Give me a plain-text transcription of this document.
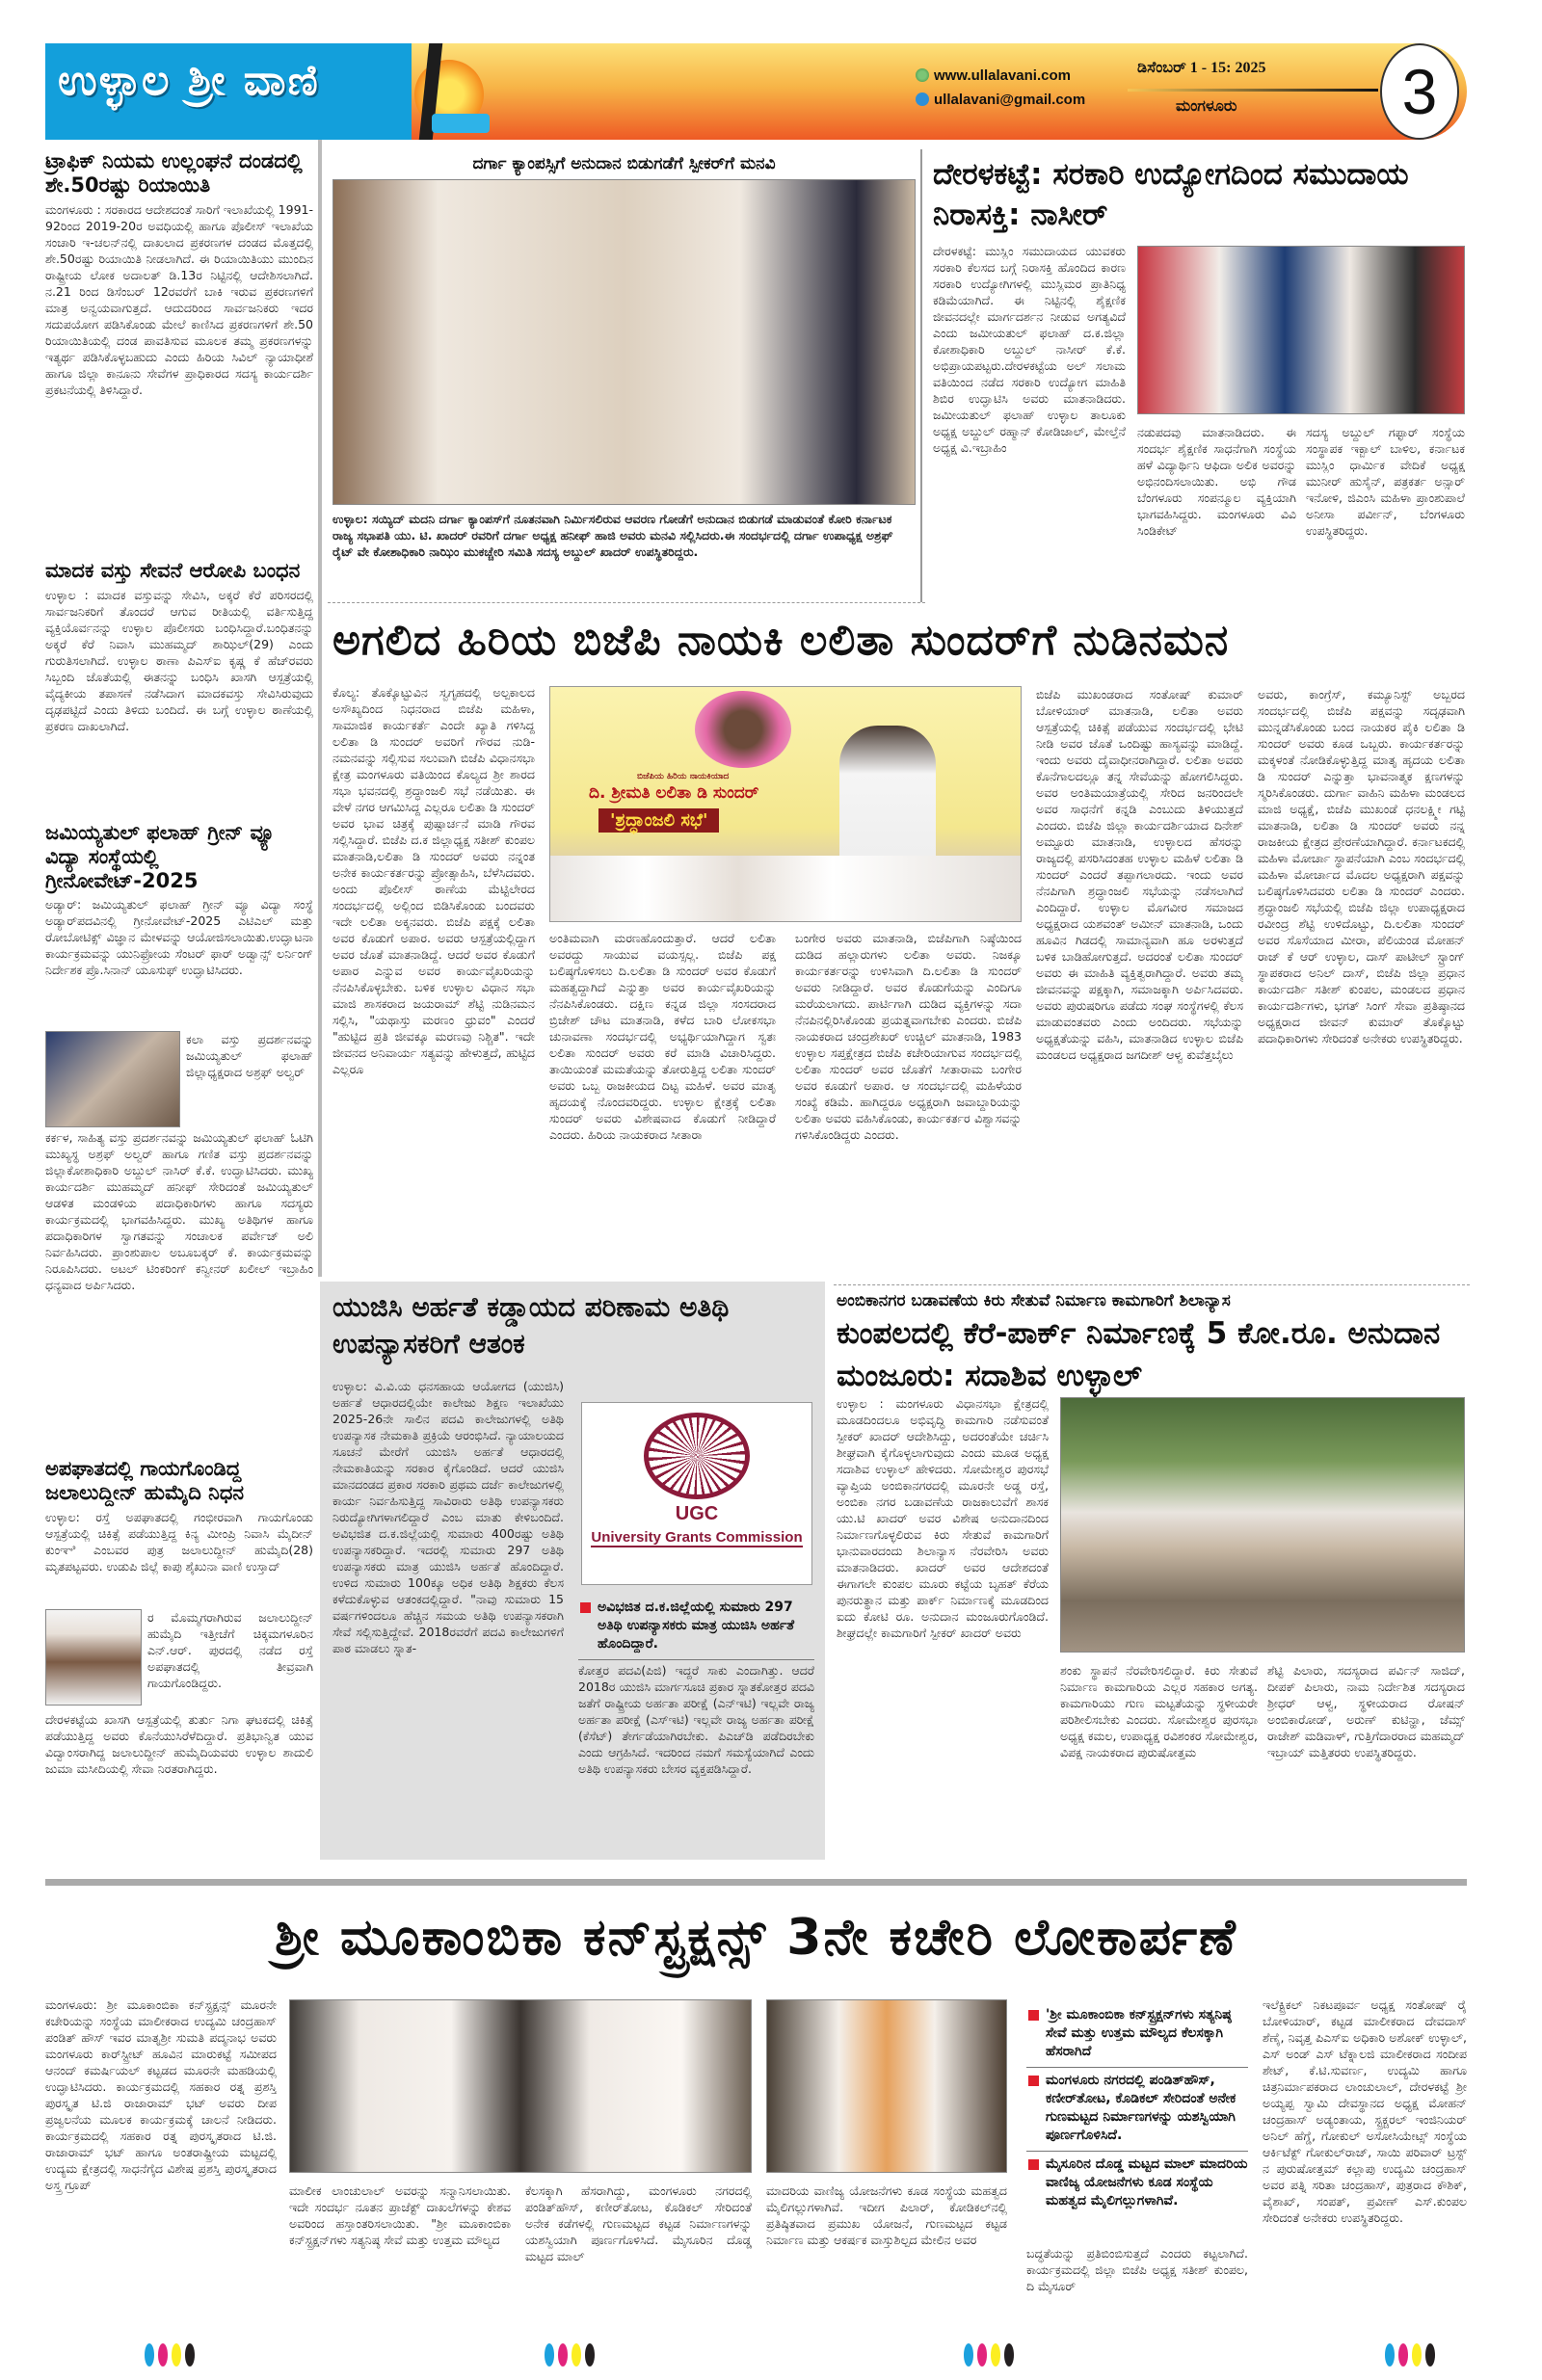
ಉಳ್ಳಾಲ ಶ್ರೀ ವಾಣಿ	www.ullalavani.com
ullalavani@gmail.com
ಡಿಸೆಂಬರ್ 1 - 15: 2025
ಮಂಗಳೂರು	3
ಟ್ರಾಫಿಕ್ ನಿಯಮ ಉಲ್ಲಂಘನೆ ದಂಡದಲ್ಲಿ ಶೇ.50ರಷ್ಟು ರಿಯಾಯಿತಿ
ಮಂಗಳೂರು : ಸರಕಾರದ ಆದೇಶದಂತೆ ಸಾರಿಗೆ ಇಲಾಖೆಯಲ್ಲಿ 1991-92ರಿಂದ 2019-20ರ ಅವಧಿಯಲ್ಲಿ ಹಾಗೂ ಪೊಲೀಸ್ ಇಲಾಖೆಯ ಸಂಚಾರಿ ಇ-ಚಲನ್‌ನಲ್ಲಿ ದಾಖಲಾದ ಪ್ರಕರಣಗಳ ದಂಡದ ಮೊತ್ತದಲ್ಲಿ ಶೇ.50ರಷ್ಟು ರಿಯಾಯಿತಿ ನೀಡಲಾಗಿದೆ. ಈ ರಿಯಾಯಿತಿಯು ಮುಂದಿನ ರಾಷ್ಟ್ರೀಯ ಲೋಕ ಅದಾಲತ್ ಡಿ.13ರ ನಿಟ್ಟಿನಲ್ಲಿ ಆದೇಶಿಸಲಾಗಿದೆ. ನ.21 ರಿಂದ ಡಿಸೆಂಬರ್ 12ರವರೆಗೆ ಬಾಕಿ ಇರುವ ಪ್ರಕರಣಗಳಿಗೆ ಮಾತ್ರ ಅನ್ವಯವಾಗುತ್ತದೆ. ಆದುದರಿಂದ ಸಾರ್ವಜನಿಕರು ಇದರ ಸದುಪಯೋಗ ಪಡಿಸಿಕೊಂಡು ಮೇಲೆ ಕಾಣಿಸಿದ ಪ್ರಕರಣಗಳಿಗೆ ಶೇ.50 ರಿಯಾಯಿತಿಯಲ್ಲಿ ದಂಡ ಪಾವತಿಸುವ ಮೂಲಕ ತಮ್ಮ ಪ್ರಕರಣಗಳನ್ನು ಇತ್ಯರ್ಥ ಪಡಿಸಿಕೊಳ್ಳಬಹುದು ಎಂದು ಹಿರಿಯ ಸಿವಿಲ್ ನ್ಯಾಯಾಧೀಶೆ ಹಾಗೂ ಜಿಲ್ಲಾ ಕಾನೂನು ಸೇವೆಗಳ ಪ್ರಾಧಿಕಾರದ ಸದಸ್ಯ ಕಾರ್ಯದರ್ಶಿ ಪ್ರಕಟನೆಯಲ್ಲಿ ತಿಳಿಸಿದ್ದಾರೆ.
ಮಾದಕ ವಸ್ತು ಸೇವನೆ ಆರೋಪಿ ಬಂಧನ
ಉಳ್ಳಾಲ : ಮಾದಕ ವಸ್ತುವನ್ನು ಸೇವಿಸಿ, ಅಕ್ಕರೆ ಕೆರೆ ಪರಿಸರದಲ್ಲಿ ಸಾರ್ವಜನಿಕರಿಗೆ ತೊಂದರೆ ಆಗುವ ರೀತಿಯಲ್ಲಿ ವರ್ತಿಸುತ್ತಿದ್ದ ವ್ಯಕ್ತಿಯೊರ್ವನನ್ನು ಉಳ್ಳಾಲ ಪೊಲೀಸರು ಬಂಧಿಸಿದ್ದಾರೆ.ಬಂಧಿತನನ್ನು ಅಕ್ಕರೆ ಕೆರೆ ನಿವಾಸಿ ಮುಹಮ್ಮದ್ ಶಾಝಿಲ್(29) ಎಂದು ಗುರುತಿಸಲಾಗಿದೆ. ಉಳ್ಳಾಲ ಠಾಣಾ ಪಿಎಸ್ಐ ಕೃಷ್ಣ ಕೆ ಹೆಚ್‌ರವರು ಸಿಬ್ಬಂದಿ ಜೊತೆಯಲ್ಲಿ ಈತನನ್ನು ಬಂಧಿಸಿ ಖಾಸಗಿ ಆಸ್ಪತ್ರೆಯಲ್ಲಿ ವೈದ್ಯಕೀಯ ತಪಾಸಣೆ ನಡೆಸಿದಾಗ ಮಾದಕವಸ್ತು ಸೇವಿಸಿರುವುದು ದೃಢಪಟ್ಟಿದೆ ಎಂದು ತಿಳಿದು ಬಂದಿದೆ. ಈ ಬಗ್ಗೆ ಉಳ್ಳಾಲ ಠಾಣೆಯಲ್ಲಿ ಪ್ರಕರಣ ದಾಖಲಾಗಿದೆ.
ಜಮಿಯ್ಯತುಲ್ ಫಲಾಹ್ ಗ್ರೀನ್ ವ್ಯೂ ವಿದ್ಯಾ ಸಂಸ್ಥೆಯಲ್ಲಿ ಗ್ರೀನೋವೇಟ್-2025
ಅಡ್ಯಾರ್: ಜಮಿಯ್ಯತುಲ್ ಫಲಾಹ್ ಗ್ರೀನ್ ವ್ಯೂ ವಿದ್ಯಾ ಸಂಸ್ಥೆ ಅಡ್ಯಾರ್‌ಪದವಿನಲ್ಲಿ ಗ್ರೀನೋವೇಟ್-2025 ಎಟಿಎಲ್ ಮತ್ತು ರೋಬೋಟಿಕ್ಸ್ ವಿಜ್ಞಾನ ಮೇಳವನ್ನು ಆಯೋಜಿಸಲಾಯಿತು.ಉದ್ಘಾಟನಾ ಕಾರ್ಯಕ್ರಮವನ್ನು ಯುನಿಫ್ರೋಯ ಸೆಂಟರ್ ಫಾರ್ ಅಡ್ವಾನ್ಸ್ ಲರ್ನಿಂಗ್ ನಿರ್ದೇಶಕ ಪ್ರೊ.ಸಿನಾನ್ ಯೂಸುಫ್ ಉದ್ಘಾಟಿಸಿದರು.
ಕಲಾ ವಸ್ತು ಪ್ರದರ್ಶನವನ್ನು ಜಮಿಯ್ಯತುಲ್ ಫಲಾಹ್ ಜಿಲ್ಲಾಧ್ಯಕ್ಷರಾದ ಅಶ್ರಫ್ ಅಲ್ವರ್
ಕರ್ಕಳ, ಸಾಹಿತ್ಯ ವಸ್ತು ಪ್ರದರ್ಶನವನ್ನು ಜಮಿಯ್ಯತುಲ್ ಫಲಾಹ್ ಓಟಿಗಿ ಮುಖ್ಯಸ್ಥ ಅಶ್ರಫ್ ಅಲ್ವರ್ ಹಾಗೂ ಗಣಿತ ವಸ್ತು ಪ್ರದರ್ಶನವನ್ನು ಜಿಲ್ಲಾಕೋಶಾಧಿಕಾರಿ ಅಬ್ದುಲ್ ನಾಸಿರ್ ಕೆ.ಕೆ. ಉದ್ಘಾಟಿಸಿದರು. ಮುಖ್ಯ ಕಾರ್ಯದರ್ಶಿ ಮುಹಮ್ಮದ್ ಹನೀಫ್ ಸೇರಿದಂತೆ ಜಮಿಯ್ಯತುಲ್ ಆಡಳಿತ ಮಂಡಳಿಯ ಪದಾಧಿಕಾರಿಗಳು ಹಾಗೂ ಸದಸ್ಯರು ಕಾರ್ಯಕ್ರಮದಲ್ಲಿ ಭಾಗವಹಿಸಿದ್ದರು. ಮುಖ್ಯ ಅತಿಥಿಗಳ ಹಾಗೂ ಪದಾಧಿಕಾರಿಗಳ ಸ್ವಾಗತವನ್ನು ಸಂಚಾಲಕ ಪರ್ವೇಜ್ ಅಲಿ ನಿರ್ವಹಿಸಿದರು. ಪ್ರಾಂಶುಪಾಲ ಅಬೂಬಕ್ಕರ್ ಕೆ. ಕಾರ್ಯಕ್ರಮವನ್ನು ನಿರೂಪಿಸಿದರು. ಅಟಲ್ ಟಿಂಕರಿಂಗ್ ಕನ್ವೀನರ್ ಖಲೀಲ್ ಇಬ್ರಾಹಿಂ ಧನ್ಯವಾದ ಅರ್ಪಿಸಿದರು.
ಅಪಘಾತದಲ್ಲಿ ಗಾಯಗೊಂಡಿದ್ದ ಜಲಾಲುದ್ದೀನ್ ಹುಮೈದಿ ನಿಧನ
ಉಳ್ಳಾಲ: ರಸ್ತೆ ಅಪಘಾತದಲ್ಲಿ ಗಂಭೀರವಾಗಿ ಗಾಯಗೊಂಡು ಆಸ್ಪತ್ರೆಯಲ್ಲಿ ಚಿಕಿತ್ಸೆ ಪಡೆಯುತ್ತಿದ್ದ ಕಿನ್ಯ ಮೀಂಪ್ರಿ ನಿವಾಸಿ ಮೈದೀನ್ ಕುಂಞಿ ಎಂಬವರ ಪುತ್ರ ಜಲಾಲುದ್ದೀನ್ ಹುಮೈದಿ(28) ಮೃತಪಟ್ಟವರು. ಉಡುಪಿ ಜಿಲ್ಲೆ ಕಾಪು ಶೈಖುನಾ ವಾಣಿ ಉಸ್ತಾದ್
ರ ಮೊಮ್ಮಗರಾಗಿರುವ ಜಲಾಲುದ್ದೀನ್ ಹುಮೈದಿ ಇತ್ತೀಚೆಗೆ ಚಿಕ್ಕಮಗಳೂರಿನ ಎನ್.ಆರ್. ಪುರದಲ್ಲಿ ನಡೆದ ರಸ್ತೆ ಅಪಘಾತದಲ್ಲಿ ತೀವ್ರವಾಗಿ ಗಾಯಗೊಂಡಿದ್ದರು.
ದೇರಳಕಟ್ಟೆಯ ಖಾಸಗಿ ಆಸ್ಪತ್ರೆಯಲ್ಲಿ ತುರ್ತು ನಿಗಾ ಘಟಕದಲ್ಲಿ ಚಿಕಿತ್ಸೆ ಪಡೆಯುತ್ತಿದ್ದ ಅವರು ಕೊನೆಯುಸಿರೆಳೆದಿದ್ದಾರೆ. ಪ್ರತಿಭಾನ್ವಿತ ಯುವ ವಿದ್ವಾಂಸರಾಗಿದ್ದ ಜಲಾಲುದ್ದೀನ್ ಹುಮೈದಿಯವರು ಉಳ್ಳಾಲ ಶಾದುಲಿ ಜುಮಾ ಮಸೀದಿಯಲ್ಲಿ ಸೇವಾ ನಿರತರಾಗಿದ್ದರು.
ದರ್ಗಾ ಕ್ಯಾಂಪಸ್ಸಿಗೆ ಅನುದಾನ ಬಿಡುಗಡೆಗೆ ಸ್ಪೀಕರ್‌ಗೆ ಮನವಿ
ಉಳ್ಳಾಲ: ಸಯ್ಯಿದ್ ಮದನಿ ದರ್ಗಾ ಕ್ಯಾಂಪಸ್‌ಗೆ ನೂತನವಾಗಿ ನಿರ್ಮಿಸಲಿರುವ ಆವರಣ ಗೋಡೆಗೆ ಅನುದಾನ ಬಿಡುಗಡೆ ಮಾಡುವಂತೆ ಕೋರಿ ಕರ್ನಾಟಕ ರಾಜ್ಯ ಸಭಾಪತಿ ಯು. ಟಿ. ಖಾದರ್ ರವರಿಗೆ ದರ್ಗಾ ಅಧ್ಯಕ್ಷ ಹನೀಫ್ ಹಾಜಿ ಅವರು ಮನವಿ ಸಲ್ಲಿಸಿದರು.ಈ ಸಂದರ್ಭದಲ್ಲಿ ದರ್ಗಾ ಉಪಾಧ್ಯಕ್ಷ ಅಶ್ರಫ್ ರೈಟ್ ವೇ ಕೋಶಾಧಿಕಾರಿ ನಾಝಿಂ ಮುಕಚ್ಚೇರಿ ಸಮಿತಿ ಸದಸ್ಯ ಅಬ್ದುಲ್ ಖಾದರ್ ಉಪಸ್ಥಿತರಿದ್ದರು.
ದೇರಳಕಟ್ಟೆ: ಸರಕಾರಿ ಉದ್ಯೋಗದಿಂದ ಸಮುದಾಯ ನಿರಾಸಕ್ತಿ: ನಾಸೀರ್
ದೇರಳಕಟ್ಟೆ: ಮುಸ್ಲಿಂ ಸಮುದಾಯದ ಯುವಕರು ಸರಕಾರಿ ಕೆಲಸದ ಬಗ್ಗೆ ನಿರಾಸಕ್ತಿ ಹೊಂದಿದ ಕಾರಣ ಸರಕಾರಿ ಉದ್ಯೋಗಿಗಳಲ್ಲಿ ಮುಸ್ಲಿಮರ ಪ್ರಾತಿನಿಧ್ಯ ಕಡಿಮೆಯಾಗಿದೆ. ಈ ನಿಟ್ಟಿನಲ್ಲಿ ಶೈಕ್ಷಣಿಕ ಜೀವನದಲ್ಲೇ ಮಾರ್ಗದರ್ಶನ ನೀಡುವ ಅಗತ್ಯವಿದೆ ಎಂದು ಜಮೀಯತುಲ್ ಫಲಾಹ್ ದ.ಕ.ಜಿಲ್ಲಾ ಕೋಶಾಧಿಕಾರಿ ಅಬ್ದುಲ್ ನಾಸೀರ್ ಕೆ.ಕೆ. ಅಭಿಪ್ರಾಯಪಟ್ಟರು.ದೇರಳಕಟ್ಟೆಯ ಅಲ್ ಸಲಾಮ ವತಿಯಿಂದ ನಡೆದ ಸರಕಾರಿ ಉದ್ಯೋಗ ಮಾಹಿತಿ ಶಿಬಿರ ಉದ್ಘಾಟಿಸಿ ಅವರು ಮಾತನಾಡಿದರು. ಜಮೀಯತುಲ್ ಫಲಾಹ್ ಉಳ್ಳಾಲ ತಾಲೂಕು ಅಧ್ಯಕ್ಷ ಅಬ್ದುಲ್ ರಹ್ಮಾನ್ ಕೋಡಿಜಾಲ್, ಮೇಲ್ತೆನೆ ಅಧ್ಯಕ್ಷ ವಿ.ಇಬ್ರಾಹಿಂ
ನಡುಪದವು ಮಾತನಾಡಿದರು. ಈ ಸಂದರ್ಭ ಶೈಕ್ಷಣಿಕ ಸಾಧನೆಗಾಗಿ ಸಂಸ್ಥೆಯ ಹಳೆ ವಿದ್ಯಾರ್ಥಿನಿ ಆಫಿದಾ ಅಲಿಕ ಅವರನ್ನು ಅಭಿನಂದಿಸಲಾಯಿತು. ಅಭಿ ಗೌಡ ಬೆಂಗಳೂರು ಸಂಪನ್ಮೂಲ ವ್ಯಕ್ತಿಯಾಗಿ ಭಾಗವಹಿಸಿದ್ದರು. ಮಂಗಳೂರು ವಿವಿ ಸಿಂಡಿಕೇಟ್
ಸದಸ್ಯ ಅಬ್ದುಲ್ ಗಫ್ಫಾರ್ ಸಂಸ್ಥೆಯ ಸಂಸ್ಥಾಪಕ ಇಕ್ಬಾಲ್ ಬಾಳಿಲ, ಕರ್ನಾಟಕ ಮುಸ್ಲಿಂ ಧಾರ್ಮಿಕ ವೇದಿಕೆ ಅಧ್ಯಕ್ಷ ಮುನೀರ್ ಹುಸೈನ್, ಪತ್ರಕರ್ತ ಅನ್ಸಾರ್ ಇನೋಳಿ, ಜಿಎಂಸಿ ಮಹಿಳಾ ಪ್ರಾಂಶುಪಾಲೆ ಅನೀಸಾ ಪರ್ವೀನ್, ಬೆಂಗಳೂರು ಉಪಸ್ಥಿತರಿದ್ದರು.
ಅಗಲಿದ ಹಿರಿಯ ಬಿಜೆಪಿ ನಾಯಕಿ ಲಲಿತಾ ಸುಂದರ್‌ಗೆ ನುಡಿನಮನ
ಕೊಲ್ಯ: ತೊಕ್ಕೊಟ್ಟುವಿನ ಸ್ವಗೃಹದಲ್ಲಿ ಅಲ್ಪಕಾಲದ ಅಸೌಖ್ಯದಿಂದ ನಿಧನರಾದ ಬಿಜೆಪಿ ಮಹಿಳಾ, ಸಾಮಾಜಿಕ ಕಾರ್ಯಕರ್ತೆ ಎಂದೇ ಖ್ಯಾತಿ ಗಳಿಸಿದ್ದ ಲಲಿತಾ ಡಿ ಸುಂದರ್ ಅವರಿಗೆ ಗೌರವ ನುಡಿ-ನಮನವನ್ನು ಸಲ್ಲಿಸುವ ಸಲುವಾಗಿ ಬಿಜೆಪಿ ವಿಧಾನಸಭಾ ಕ್ಷೇತ್ರ ಮಂಗಳೂರು ವತಿಯಿಂದ ಕೊಲ್ಯದ ಶ್ರೀ ಶಾರದ ಸಭಾ ಭವನದಲ್ಲಿ ಶ್ರದ್ಧಾಂಜಲಿ ಸಭೆ ನಡೆಯಿತು. ಈ ವೇಳೆ ನಗರ ಆಗಮಿಸಿದ್ದ ಎಲ್ಲರೂ ಲಲಿತಾ ಡಿ ಸುಂದರ್ ಅವರ ಭಾವ ಚಿತ್ರಕ್ಕೆ ಪುಷ್ಪಾರ್ಚನೆ ಮಾಡಿ ಗೌರವ ಸಲ್ಲಿಸಿದ್ದಾರೆ. ಬಿಜೆಪಿ ದ.ಕ ಜಿಲ್ಲಾಧ್ಯಕ್ಷ ಸತೀಶ್ ಕುಂಪಲ ಮಾತನಾಡಿ,ಲಲಿತಾ ಡಿ ಸುಂದರ್ ಅವರು ನನ್ನಂತ ಅನೇಕ ಕಾರ್ಯಕರ್ತರನ್ನು ಪ್ರೋತ್ಸಾಹಿಸಿ, ಬೆಳೆಸಿದವರು. ಅಂದು ಪೊಲೀಸ್ ಠಾಣೆಯ ಮೆಟ್ಟಿಲೇರದ ಸಂದರ್ಭದಲ್ಲಿ ಅಲ್ಲಿಂದ ಬಿಡಿಸಿಕೊಂಡು ಬಂದವರು ಇದೇ ಲಲಿತಾ ಅಕ್ಕನವರು. ಬಿಜೆಪಿ ಪಕ್ಷಕ್ಕೆ ಲಲಿತಾ ಅವರ ಕೊಡುಗೆ ಅಪಾರ. ಅವರು ಆಸ್ಪತ್ರೆಯಲ್ಲಿದ್ದಾಗ ಅವರ ಜೊತೆ ಮಾತನಾಡಿದ್ದೆ. ಆದರೆ ಅವರ ಕೊಡುಗೆ ಅಪಾರ ಎನ್ನುವ ಅವರ ಕಾರ್ಯವೈಖರಿಯನ್ನು ನೆನಪಿಸಿಕೊಳ್ಳಬೇಕು. ಬಳಿಕ ಉಳ್ಳಾಲ ವಿಧಾನ ಸಭಾ ಮಾಜಿ ಶಾಸಕರಾದ ಜಯರಾಮ್ ಶೆಟ್ಟಿ ನುಡಿನಮನ ಸಲ್ಲಿಸಿ, "ಯಥಾಸ್ತು ಮರಣಂ ಧ್ರುವಂ" ಎಂದರೆ "ಹುಟ್ಟಿದ ಪ್ರತಿ ಜೀವಕ್ಕೂ ಮರಣವು ನಿಶ್ಚಿತ". ಇದೇ ಜೀವನದ ಅನಿವಾರ್ಯ ಸತ್ಯವನ್ನು ಹೇಳುತ್ತದೆ, ಹುಟ್ಟಿದ ಎಲ್ಲರೂ
ಬಿಜೆಪಿಯ ಹಿರಿಯ ನಾಯಕಿಯಾದ
ದಿ. ಶ್ರೀಮತಿ ಲಲಿತಾ ಡಿ ಸುಂದರ್
'ಶ್ರದ್ಧಾಂಜಲಿ ಸಭೆ'
ಅಂತಿಮವಾಗಿ ಮರಣಹೊಂದುತ್ತಾರೆ. ಆದರೆ ಲಲಿತಾ ಅವರದ್ದು ಸಾಯುವ ವಯಸ್ಸಲ್ಲ. ಬಿಜೆಪಿ ಪಕ್ಷ ಬಲಿಷ್ಠಗೊಳಿಸಲು ದಿ.ಲಲಿತಾ ಡಿ ಸುಂದರ್ ಅವರ ಕೊಡುಗೆ ಮಹತ್ವದ್ದಾಗಿದೆ ಎನ್ನುತ್ತಾ ಅವರ ಕಾರ್ಯವೈಖರಿಯನ್ನು ನೆನಪಿಸಿಕೊಂಡರು. ದಕ್ಷಿಣ ಕನ್ನಡ ಜಿಲ್ಲಾ ಸಂಸದರಾದ ಬ್ರಿಜೇಶ್ ಚೌಟ ಮಾತನಾಡಿ, ಕಳೆದ ಬಾರಿ ಲೋಕಸಭಾ ಚುನಾವಣಾ ಸಂದರ್ಭದಲ್ಲಿ ಅಭ್ಯರ್ಥಿಯಾಗಿದ್ದಾಗ ಸ್ವತಃ ಲಲಿತಾ ಸುಂದರ್ ಅವರು ಕರೆ ಮಾಡಿ ವಿಚಾರಿಸಿದ್ದರು. ತಾಯಿಯಂತೆ ಮಮತೆಯನ್ನು ತೋರುತ್ತಿದ್ದ ಲಲಿತಾ ಸುಂದರ್ ಅವರು ಒಬ್ಬ ರಾಜಕೀಯದ ದಿಟ್ಟ ಮಹಿಳೆ. ಅವರ ಮಾತೃ ಹೃದಯಕ್ಕೆ ನೊಂದವರಿದ್ದರು. ಉಳ್ಳಾಲ ಕ್ಷೇತ್ರಕ್ಕೆ ಲಲಿತಾ ಸುಂದರ್ ಅವರು ವಿಶೇಷವಾದ ಕೊಡುಗೆ ನೀಡಿದ್ದಾರೆ ಎಂದರು. ಹಿರಿಯ ನಾಯಕರಾದ ಸೀತಾರಾ
ಬಂಗೇರ ಅವರು ಮಾತನಾಡಿ, ಬಿಜೆಪಿಗಾಗಿ ನಿಷ್ಠೆಯಿಂದ ದುಡಿದ ಹಲ್ಲಾರುಗಳು ಲಲಿತಾ ಅವರು. ನಿಜಕ್ಕೂ ಕಾರ್ಯಕರ್ತರನ್ನು ಉಳಿಸಿವಾಗಿ ದಿ.ಲಲಿತಾ ಡಿ ಸುಂದರ್ ಅವರು ನೀಡಿದ್ದಾರೆ. ಅವರ ಕೊಡುಗೆಯನ್ನು ಎಂದಿಗೂ ಮರೆಯಲಾಗದು. ಪಾರ್ಟಿಗಾಗಿ ದುಡಿದ ವ್ಯಕ್ತಿಗಳನ್ನು ಸದಾ ನೆನಪಿನಲ್ಲಿರಿಸಿಕೊಂಡು ಪ್ರಯತ್ನವಾಗಬೇಕು ಎಂದರು. ಬಿಜೆಪಿ ನಾಯಕರಾದ ಚಂದ್ರಶೇಖರ್ ಉಚ್ಚಿಲ್ ಮಾತನಾಡಿ, 1983 ಉಳ್ಳಾಲ ಸಪ್ತಕ್ಷೇತ್ರದ ಬಿಜೆಪಿ ಕಚೇರಿಯಾಗುವ ಸಂದರ್ಭದಲ್ಲಿ ಲಲಿತಾ ಸುಂದರ್ ಅವರ ಜೊತೆಗೆ ಸೀತಾರಾಮ ಬಂಗೇರ ಅವರ ಕೂಡುಗೆ ಅಪಾರ. ಆ ಸಂದರ್ಭದಲ್ಲಿ ಮಹಿಳೆಯರ ಸಂಖ್ಯೆ ಕಡಿಮೆ. ಹಾಗಿದ್ದರೂ ಅಧ್ಯಕ್ಷರಾಗಿ ಜವಾಬ್ದಾರಿಯನ್ನು ಲಲಿತಾ ಅವರು ವಹಿಸಿಕೊಂಡು, ಕಾರ್ಯಕರ್ತರ ವಿಶ್ವಾಸವನ್ನು ಗಳಿಸಿಕೊಂಡಿದ್ದರು ಎಂದರು.
ಬಿಜೆಪಿ ಮುಖಂಡರಾದ ಸಂತೋಷ್ ಕುಮಾರ್ ಬೋಳಿಯಾರ್ ಮಾತನಾಡಿ, ಲಲಿತಾ ಅವರು ಆಸ್ಪತ್ರೆಯಲ್ಲಿ ಚಿಕಿತ್ಸೆ ಪಡೆಯುವ ಸಂದರ್ಭದಲ್ಲಿ ಭೇಟಿ ನೀಡಿ ಅವರ ಜೊತೆ ಒಂದಿಷ್ಟು ಹಾಸ್ಯವನ್ನು ಮಾಡಿದ್ದೆ. ಇಂದು ಅವರು ದೈವಾಧೀನರಾಗಿದ್ದಾರೆ. ಲಲಿತಾ ಅವರು ಕೊನೆಗಾಲದಲ್ಲೂ ತನ್ನ ಸೇವೆಯನ್ನು ಹೋಗಲಿಸಿದ್ದರು. ಅವರ ಅಂತಿಮಯಾತ್ರೆಯಲ್ಲಿ ಸೇರಿದ ಜನರಿಂದಲೇ ಅವರ ಸಾಧನೆಗೆ ಕನ್ನಡಿ ಎಂಬುದು ತಿಳಿಯುತ್ತದೆ ಎಂದರು. ಬಿಜೆಪಿ ಜಿಲ್ಲಾ ಕಾರ್ಯದರ್ಶಿಯಾದ ದಿನೇಶ್ ಅಮ್ಟೂರು ಮಾತನಾಡಿ, ಉಳ್ಳಾಲದ ಹೆಸರನ್ನು ರಾಜ್ಯದಲ್ಲಿ ಪಸರಿಸಿದಂತಹ ಉಳ್ಳಾಲ ಮಹಿಳೆ ಲಲಿತಾ ಡಿ ಸುಂದರ್ ಎಂದರೆ ತಪ್ಪಾಗಲಾರದು. ಇಂದು ಅವರ ನೆನಪಿಗಾಗಿ ಶ್ರದ್ಧಾಂಜಲಿ ಸಭೆಯನ್ನು ನಡೆಸಲಾಗಿದೆ ಎಂದಿದ್ದಾರೆ. ಉಳ್ಳಾಲ ಮೊಗವೀರ ಸಮಾಜದ ಅಧ್ಯಕ್ಷರಾದ ಯಶವಂತ್ ಅಮೀನ್ ಮಾತನಾಡಿ, ಒಂದು ಹೂವಿನ ಗಿಡದಲ್ಲಿ ಸಾಮಾನ್ಯವಾಗಿ ಹೂ ಅರಳುತ್ತದೆ ಬಳಿಕ ಬಾಡಿಹೋಗುತ್ತದೆ. ಅದರಂತೆ ಲಲಿತಾ ಸುಂದರ್ ಅವರು ಈ ಮಾಹಿತಿ ವ್ಯಕ್ತಿತ್ವರಾಗಿದ್ದಾರೆ. ಅವರು ತಮ್ಮ ಜೀವನವನ್ನು ಪಕ್ಷಕ್ಕಾಗಿ, ಸಮಾಜಕ್ಕಾಗಿ ಅರ್ಪಿಸಿದವರು. ಅವರು ಪುರುಷರಿಗೂ ಪಡೆದು ಸಂಘ ಸಂಸ್ಥೆಗಳಲ್ಲಿ ಕೆಲಸ ಮಾಡುವಂತವರು ಎಂದು ಅಂದಿದರು. ಸಭೆಯನ್ನು ಅಧ್ಯಕ್ಷತೆಯನ್ನು ವಹಿಸಿ, ಮಾತನಾಡಿದ ಉಳ್ಳಾಲ ಬಿಜೆಪಿ ಮಂಡಲದ ಅಧ್ಯಕ್ಷರಾದ ಜಗದೀಶ್ ಆಳ್ವ ಕುವೆತ್ತಬೈಲು
ಅವರು, ಕಾಂಗ್ರೆಸ್, ಕಮ್ಯೂನಿಸ್ಟ್ ಅಬ್ಬರದ ಸಂದರ್ಭದಲ್ಲಿ ಬಿಜೆಪಿ ಪಕ್ಷವನ್ನು ಸದೃಢವಾಗಿ ಮುನ್ನಡೆಸಿಕೊಂಡು ಬಂದ ನಾಯಕರ ಪೈಕಿ ಲಲಿತಾ ಡಿ ಸುಂದರ್ ಅವರು ಕೂಡ ಒಬ್ಬರು. ಕಾರ್ಯಕರ್ತರನ್ನು ಮಕ್ಕಳಂತೆ ನೋಡಿಕೊಳ್ಳುತ್ತಿದ್ದ ಮಾತೃ ಹೃದಯ ಲಲಿತಾ ಡಿ ಸುಂದರ್ ಎನ್ನುತ್ತಾ ಭಾವನಾತ್ಮಕ ಕ್ಷಣಗಳನ್ನು ಸ್ಮರಿಸಿಕೊಂಡರು. ದುರ್ಗಾ ವಾಹಿನಿ ಮಹಿಳಾ ಮಂಡಲದ ಮಾಜಿ ಅಧ್ಯಕ್ಷೆ, ಬಿಜೆಪಿ ಮುಖಂಡೆ ಧನಲಕ್ಷ್ಮೀ ಗಟ್ಟಿ ಮಾತನಾಡಿ, ಲಲಿತಾ ಡಿ ಸುಂದರ್ ಅವರು ನನ್ನ ರಾಜಕೀಯ ಕ್ಷೇತ್ರದ ಪ್ರೇರಣೆಯಾಗಿದ್ದಾರೆ. ಕರ್ನಾಟಕದಲ್ಲಿ ಮಹಿಳಾ ಮೋರ್ಚಾ ಸ್ಥಾಪನೆಯಾಗಿ ಎಂಬ ಸಂದರ್ಭದಲ್ಲಿ ಮಹಿಳಾ ಮೋರ್ಚಾದ ಮೊದಲ ಅಧ್ಯಕ್ಷರಾಗಿ ಪಕ್ಷವನ್ನು ಬಲಿಷ್ಠಗೊಳಿಸಿದವರು ಲಲಿತಾ ಡಿ ಸುಂದರ್ ಎಂದರು. ಶ್ರದ್ಧಾಂಜಲಿ ಸಭೆಯಲ್ಲಿ ಬಿಜೆಪಿ ಜಿಲ್ಲಾ ಉಪಾಧ್ಯಕ್ಷರಾದ ರವೀಂದ್ರ ಶೆಟ್ಟಿ ಉಳಿದೊಟ್ಟು, ದಿ.ಲಲಿತಾ ಸುಂದರ್ ಅವರ ಸೊಸೆಯಾದ ಮೀರಾ, ಪೆಲಿಯಂಡ ಮೋಹನ್ ರಾಜ್ ಕೆ ಆರ್ ಉಳ್ಳಾಲ, ದಾಸ್ ಪಾಟೀಲ್ ಸ್ಟ್ರಾಂಗ್ ಸ್ಥಾಪಕರಾದ ಅನಿಲ್ ದಾಸ್, ಬಿಜೆಪಿ ಜಿಲ್ಲಾ ಪ್ರಧಾನ ಕಾರ್ಯದರ್ಶಿ ಸತೀಶ್ ಕುಂಪಲ, ಮಂಡಲದ ಪ್ರಧಾನ ಕಾರ್ಯದರ್ಶಿಗಳು, ಭಗತ್ ಸಿಂಗ್ ಸೇವಾ ಪ್ರತಿಷ್ಠಾನದ ಅಧ್ಯಕ್ಷರಾದ ಜೀವನ್ ಕುಮಾರ್ ತೊಕ್ಕೊಟ್ಟು ಪದಾಧಿಕಾರಿಗಳು ಸೇರಿದಂತೆ ಅನೇಕರು ಉಪಸ್ಥಿತರಿದ್ದರು.
ಯುಜಿಸಿ ಅರ್ಹತೆ ಕಡ್ಡಾಯದ ಪರಿಣಾಮ ಅತಿಥಿ ಉಪನ್ಯಾಸಕರಿಗೆ ಆತಂಕ
ಉಳ್ಳಾಲ: ವಿ.ವಿ.ಯ ಧನಸಹಾಯ ಆಯೋಗದ (ಯುಜಿಸಿ) ಅರ್ಹತೆ ಆಧಾರದಲ್ಲಿಯೇ ಕಾಲೇಜು ಶಿಕ್ಷಣ ಇಲಾಖೆಯು 2025-26ನೇ ಸಾಲಿನ ಪದವಿ ಕಾಲೇಜುಗಳಲ್ಲಿ ಅತಿಥಿ ಉಪನ್ಯಾಸಕ ನೇಮಕಾತಿ ಪ್ರಕ್ರಿಯೆ ಆರಂಭಿಸಿದೆ. ನ್ಯಾಯಾಲಯದ ಸೂಚನೆ ಮೇರೆಗೆ ಯುಜಿಸಿ ಅರ್ಹತೆ ಆಧಾರದಲ್ಲಿ ನೇಮಕಾತಿಯನ್ನು ಸರಕಾರ ಕೈಗೊಂಡಿದೆ. ಆದರೆ ಯುಜಿಸಿ ಮಾನದಂಡದ ಪ್ರಕಾರ ಸರಕಾರಿ ಪ್ರಥಮ ದರ್ಜೆ ಕಾಲೇಜುಗಳಲ್ಲಿ ಕಾರ್ಯ ನಿರ್ವಹಿಸುತ್ತಿದ್ದ ಸಾವಿರಾರು ಅತಿಥಿ ಉಪನ್ಯಾಸಕರು ನಿರುದ್ಯೋಗಿಗಳಾಗಲಿದ್ದಾರೆ ಎಂಬ ಮಾತು ಕೇಳಿಬಂದಿದೆ. ಅವಿಭಜಿತ ದ.ಕ.ಜಿಲ್ಲೆಯಲ್ಲಿ ಸುಮಾರು 400ರಷ್ಟು ಅತಿಥಿ ಉಪನ್ಯಾಸಕರಿದ್ದಾರೆ. ಇದರಲ್ಲಿ ಸುಮಾರು 297 ಅತಿಥಿ ಉಪನ್ಯಾಸಕರು ಮಾತ್ರ ಯುಜಿಸಿ ಅರ್ಹತೆ ಹೊಂದಿದ್ದಾರೆ. ಉಳಿದ ಸುಮಾರು 100ಕ್ಕೂ ಅಧಿಕ ಅತಿಥಿ ಶಿಕ್ಷಕರು ಕೆಲಸ ಕಳೆದುಕೊಳ್ಳುವ ಆತಂಕದಲ್ಲಿದ್ದಾರೆ. "ನಾವು ಸುಮಾರು 15 ವರ್ಷಗಳಿಂದಲೂ ಹೆಚ್ಚಿನ ಸಮಯ ಅತಿಥಿ ಉಪನ್ಯಾಸಕರಾಗಿ ಸೇವೆ ಸಲ್ಲಿಸುತ್ತಿದ್ದೇವೆ. 2018ರವರೆಗೆ ಪದವಿ ಕಾಲೇಜುಗಳಿಗೆ ಪಾಠ ಮಾಡಲು ಸ್ನಾತ-
UGC
University Grants Commission
ಅವಿಭಜಿತ ದ.ಕ.ಜಿಲ್ಲೆಯಲ್ಲಿ ಸುಮಾರು 297 ಅತಿಥಿ ಉಪನ್ಯಾಸಕರು ಮಾತ್ರ ಯುಜಿಸಿ ಅರ್ಹತೆ ಹೊಂದಿದ್ದಾರೆ.
ಕೋತ್ತರ ಪದವಿ(ಪಿಜಿ) ಇದ್ದರೆ ಸಾಕು ಎಂದಾಗಿತ್ತು. ಆದರೆ 2018ರ ಯುಜಿಸಿ ಮಾರ್ಗಸೂಚಿ ಪ್ರಕಾರ ಸ್ನಾತಕೋತ್ತರ ಪದವಿ ಜತೆಗೆ ರಾಷ್ಟ್ರೀಯ ಅರ್ಹತಾ ಪರೀಕ್ಷೆ (ಎನ್‌ಇಟಿ) ಇಲ್ಲವೇ ರಾಜ್ಯ ಅರ್ಹತಾ ಪರೀಕ್ಷೆ (ಎಸ್‌ಇಟಿ) ಇಲ್ಲವೇ ರಾಜ್ಯ ಅರ್ಹತಾ ಪರೀಕ್ಷೆ (ಕೆಸೆಟ್) ತೇರ್ಗಡೆಯಾಗಿರಬೇಕು. ಪಿಎಚ್‌ಡಿ ಪಡೆದಿರಬೇಕು ಎಂದು ಆಗ್ರಹಿಸಿದೆ. ಇದರಿಂದ ನಮಗೆ ಸಮಸ್ಯೆಯಾಗಿದೆ ಎಂದು ಅತಿಥಿ ಉಪನ್ಯಾಸಕರು ಬೇಸರ ವ್ಯಕ್ತಪಡಿಸಿದ್ದಾರೆ.
ಅಂಬಿಕಾನಗರ ಬಡಾವಣೆಯ ಕಿರು ಸೇತುವೆ ನಿರ್ಮಾಣ ಕಾಮಗಾರಿಗೆ ಶಿಲಾನ್ಯಾಸ
ಕುಂಪಲದಲ್ಲಿ ಕೆರೆ-ಪಾರ್ಕ್ ನಿರ್ಮಾಣಕ್ಕೆ 5 ಕೋ.ರೂ. ಅನುದಾನ ಮಂಜೂರು: ಸದಾಶಿವ ಉಳ್ಳಾಲ್
ಉಳ್ಳಾಲ : ಮಂಗಳೂರು ವಿಧಾನಸಭಾ ಕ್ಷೇತ್ರದಲ್ಲಿ ಮೂಡದಿಂದಲೂ ಅಭಿವೃದ್ಧಿ ಕಾಮಗಾರಿ ನಡೆಸುವಂತೆ ಸ್ಪೀಕರ್ ಖಾದರ್ ಆದೇಶಿಸಿದ್ದು, ಅದರಂತೆಯೇ ಚರ್ಚಿಸಿ ಶೀಘ್ರವಾಗಿ ಕೈಗೊಳ್ಳಲಾಗುವುದು ಎಂದು ಮೂಡ ಅಧ್ಯಕ್ಷ ಸದಾಶಿವ ಉಳ್ಳಾಲ್ ಹೇಳಿದರು. ಸೋಮೇಶ್ವರ ಪುರಸಭೆ ವ್ಯಾಪ್ತಿಯ ಅಂಬಿಕಾನಗರದಲ್ಲಿ ಮೂರನೇ ಅಡ್ಡ ರಸ್ತೆ, ಅಂಬಿಕಾ ನಗರ ಬಡಾವಣೆಯ ರಾಜಕಾಲುವೆಗೆ ಶಾಸಕ ಯು.ಟಿ ಖಾದರ್ ಅವರ ವಿಶೇಷ ಅನುದಾನದಿಂದ ನಿರ್ಮಾಣಗೊಳ್ಳಲಿರುವ ಕಿರು ಸೇತುವೆ ಕಾಮಗಾರಿಗೆ ಭಾನುವಾರದಂದು ಶಿಲಾನ್ಯಾಸ ನೆರವೇರಿಸಿ ಅವರು ಮಾತನಾಡಿದರು. ಖಾದರ್ ಅವರ ಆದೇಶದಂತೆ ಈಗಾಗಲೇ ಕುಂಪಲ ಮೂರು ಕಟ್ಟೆಯ ಬೃಹತ್ ಕೆರೆಯ ಪುನರುತ್ಥಾನ ಮತ್ತು ಪಾರ್ಕ್ ನಿರ್ಮಾಣಕ್ಕೆ ಮೂಡದಿಂದ ಐದು ಕೋಟಿ ರೂ. ಅನುದಾನ ಮಂಜೂರುಗೊಂಡಿದೆ. ಶೀಘ್ರದಲ್ಲೇ ಕಾಮಗಾರಿಗೆ ಸ್ಪೀಕರ್ ಖಾದರ್ ಅವರು
ಶಂಕು ಸ್ಥಾಪನೆ ನೆರವೇರಿಸಲಿದ್ದಾರೆ. ಕಿರು ಸೇತುವೆ ನಿರ್ಮಾಣ ಕಾಮಗಾರಿಯ ಎಲ್ಲರ ಸಹಕಾರ ಅಗತ್ಯ. ಕಾಮಗಾರಿಯು ಗುಣ ಮಟ್ಟತೆಯನ್ನು ಸ್ಥಳೀಯರೇ ಪರಿಶೀಲಿಸಬೇಕು ಎಂದರು. ಸೋಮೇಶ್ವರ ಪುರಸಭಾ ಅಧ್ಯಕ್ಷ ಕಮಲ, ಉಪಾಧ್ಯಕ್ಷ ರವಿಶಂಕರ ಸೋಮೇಶ್ವರ, ವಿಪಕ್ಷ ನಾಯಕರಾದ ಪುರುಷೋತ್ತಮ
ಶೆಟ್ಟಿ ಪಿಲಾರು, ಸದಸ್ಯರಾದ ಪರ್ವಿನ್ ಸಾಜಿದ್, ದೀಪಕ್ ಪಿಲಾರು, ನಾಮ ನಿರ್ದೇಶಿತ ಸದಸ್ಯರಾದ ಶ್ರೀಧರ್ ಆಳ್ವ, ಸ್ಥಳೀಯರಾದ ರೋಷನ್ ಅಂಬಿಕಾರೋಡ್, ಅರುಣ್ ಕುಟಿನ್ಹಾ, ಜೆಮ್ಸ್ ರಾಜೇಶ್ ಮಡಿವಾಳ್, ಗುತ್ತಿಗೆದಾರರಾದ ಮಹಮ್ಮದ್ ಇಬ್ರಾಯ್ ಮತ್ತಿತರರು ಉಪಸ್ಥಿತರಿದ್ದರು.
ಶ್ರೀ ಮೂಕಾಂಬಿಕಾ ಕನ್‌ಸ್ಟ್ರಕ್ಷನ್ಸ್ 3ನೇ ಕಚೇರಿ ಲೋಕಾರ್ಪಣೆ
ಮಂಗಳೂರು: ಶ್ರೀ ಮೂಕಾಂಬಿಕಾ ಕನ್‌ಸ್ಟ್ರಕ್ಷನ್ಸ್ ಮೂರನೇ ಕಚೇರಿಯನ್ನು ಸಂಸ್ಥೆಯ ಮಾಲೀಕರಾದ ಉದ್ಯಮಿ ಚಂದ್ರಹಾಸ್ ಪಂಡಿತ್ ಹೌಸ್ ಇವರ ಮಾತೃಶ್ರೀ ಸುಮತಿ ಪದ್ಮನಾಭ ಅವರು ಮಂಗಳೂರು ಕಾರ್‌ಸ್ಟ್ರೀಟ್ ಹೂವಿನ ಮಾರುಕಟ್ಟೆ ಸಮೀಪದ ಆನಂದ್ ಕಮರ್ಷಿಯಲ್ ಕಟ್ಟಡದ ಮೂರನೇ ಮಹಡಿಯಲ್ಲಿ ಉದ್ಘಾಟಿಸಿದರು. ಕಾರ್ಯಕ್ರಮದಲ್ಲಿ ಸಹಕಾರ ರತ್ನ ಪ್ರಶಸ್ತಿ ಪುರಸ್ಕೃತ ಟಿ.ಜಿ ರಾಜಾರಾಮ್ ಭಟ್ ಅವರು ದೀಪ ಪ್ರಜ್ವಲನೆಯ ಮೂಲಕ ಕಾರ್ಯಕ್ರಮಕ್ಕೆ ಚಾಲನೆ ನೀಡಿದರು. ಕಾರ್ಯಕ್ರಮದಲ್ಲಿ ಸಹಕಾರ ರತ್ನ ಪುರಸ್ಕೃತರಾದ ಟಿ.ಜಿ. ರಾಜಾರಾಮ್ ಭಟ್ ಹಾಗೂ ಅಂತರಾಷ್ಟ್ರೀಯ ಮಟ್ಟದಲ್ಲಿ ಉದ್ಯಮ ಕ್ಷೇತ್ರದಲ್ಲಿ ಸಾಧನೆಗೈದ ವಿಶೇಷ ಪ್ರಶಸ್ತಿ ಪುರಸ್ಕೃತರಾದ ಅಸ್ತ್ರ ಗ್ರೂಪ್	ಮಾಲೀಕ ಲಾಂಚುಲಾಲ್ ಅವರನ್ನು ಸನ್ಮಾನಿಸಲಾಯಿತು. ಇದೇ ಸಂದರ್ಭ ನೂತನ ಪ್ರಾಜೆಕ್ಟ್ ದಾಖಲೆಗಳನ್ನು ಕೇಶವ ಅವರಿಂದ ಹಸ್ತಾಂತರಿಸಲಾಯಿತು. "ಶ್ರೀ ಮೂಕಾಂಬಿಕಾ ಕನ್‌ಸ್ಟ್ರಕ್ಷನ್‌ಗಳು ಸತ್ಯನಿಷ್ಠ ಸೇವೆ ಮತ್ತು ಉತ್ತಮ ಮೌಲ್ಯದ
ಕೆಲಸಕ್ಕಾಗಿ ಹೆಸರಾಗಿದ್ದು, ಮಂಗಳೂರು ನಗರದಲ್ಲಿ ಪಂಡಿತ್‌ಹೌಸ್, ಕಣೀರ್‌ತೋಟ, ಕೊಡಿಕಲ್ ಸೇರಿದಂತೆ ಅನೇಕ ಕಡೆಗಳಲ್ಲಿ ಗುಣಮಟ್ಟದ ಕಟ್ಟಡ ನಿರ್ಮಾಣಗಳನ್ನು ಯಶಸ್ವಿಯಾಗಿ ಪೂರ್ಣಗೊಳಿಸಿದೆ. ಮೈಸೂರಿನ ದೊಡ್ಡ ಮಟ್ಟದ ಮಾಲ್
ಮಾದರಿಯ ವಾಣಿಜ್ಯ ಯೋಜನೆಗಳು ಕೂಡ ಸಂಸ್ಥೆಯ ಮಹತ್ವದ ಮೈಲಿಗಲ್ಲುಗಳಾಗಿವೆ. ಇದೀಗ ಪಿಲಾರ್, ಕೋಡಿಕಲ್‌ನಲ್ಲಿ ಪ್ರತಿಷ್ಠಿತವಾದ ಪ್ರಮುಖ ಯೋಜನೆ, ಗುಣಮಟ್ಟದ ಕಟ್ಟಡ ನಿರ್ಮಾಣ ಮತ್ತು ಆಕರ್ಷಕ ವಾಸ್ತುಶಿಲ್ಪದ ಮೇಲಿನ ಅವರ
'ಶ್ರೀ ಮೂಕಾಂಬಿಕಾ ಕನ್‌ಸ್ಟ್ರಕ್ಷನ್‌ಗಳು ಸತ್ಯನಿಷ್ಠ ಸೇವೆ ಮತ್ತು ಉತ್ತಮ ಮೌಲ್ಯದ ಕೆಲಸಕ್ಕಾಗಿ ಹೆಸರಾಗಿದೆ
ಮಂಗಳೂರು ನಗರದಲ್ಲಿ ಪಂಡಿತ್‌ಹೌಸ್, ಕಣೀರ್‌ತೋಟ, ಕೊಡಿಕಲ್ ಸೇರಿದಂತೆ ಅನೇಕ ಗುಣಮಟ್ಟದ ನಿರ್ಮಾಣಗಳನ್ನು ಯಶಸ್ವಿಯಾಗಿ ಪೂರ್ಣಗೊಳಿಸಿದೆ.
ಮೈಸೂರಿನ ದೊಡ್ಡ ಮಟ್ಟದ ಮಾಲ್ ಮಾದರಿಯ ವಾಣಿಜ್ಯ ಯೋಜನೆಗಳು ಕೂಡ ಸಂಸ್ಥೆಯ ಮಹತ್ವದ ಮೈಲಿಗಲ್ಲುಗಳಾಗಿವೆ.
ಬದ್ಧತೆಯನ್ನು ಪ್ರತಿಬಿಂಬಿಸುತ್ತದೆ ಎಂದರು ಕಟ್ಟಲಾಗಿದೆ. ಕಾರ್ಯಕ್ರಮದಲ್ಲಿ ಜಿಲ್ಲಾ ಬಿಜೆಪಿ ಅಧ್ಯಕ್ಷ ಸತೀಶ್ ಕುಂಪಲ, ದಿ ಮೈಸೂರ್
ಇಲೆಕ್ಟ್ರಿಕಲ್ ನಿಕಟಪೂರ್ವ ಅಧ್ಯಕ್ಷ ಸಂತೋಷ್ ರೈ ಬೋಳಿಯಾರ್, ಕಟ್ಟಡ ಮಾಲೀಕರಾದ ದೇವದಾಸ್ ಶೆಣೈ, ನಿವೃತ್ತ ಪಿಎಸ್ಐ ಅಧಿಕಾರಿ ಅಶೋಕ್ ಉಳ್ಳಾಲ್, ಎಸ್ ಅಂಡ್ ಎಸ್ ಟೆಕ್ನಾಲಜಿ ಮಾಲೀಕರಾದ ಸಂದೀಪ ಶೇಟ್, ಕೆ.ಟಿ.ಸುವರ್ಣ, ಉದ್ಯಮಿ ಹಾಗೂ ಚಿತ್ರನಿರ್ಮಾಪಕರಾದ ಲಾಂಚುಲಾಲ್, ದೇರಳಕಟ್ಟೆ ಶ್ರೀ ಅಯ್ಯಪ್ಪ ಸ್ವಾಮಿ ದೇವಸ್ಥಾನದ ಅಧ್ಯಕ್ಷ ಮೋಹನ್ ಚಂದ್ರಹಾಸ್ ಅಡ್ಯಂತಾಯ, ಸ್ಟ್ರಕ್ಚರಲ್ ಇಂಜಿನಿಯರ್ ಅನಿಲ್ ಹೆಗ್ಡೆ, ಗೋಕುಲ್ ಅಸೋಸಿಯೇಟ್ಸ್ ಸಂಸ್ಥೆಯ ಆರ್ಕಿಟೆಕ್ಟ್ ಗೋಕುಲ್‌ರಾಜ್, ಸಾಯಿ ಪರಿವಾರ್ ಟ್ರಸ್ಟ್ ನ ಪುರುಷೋತ್ತಮ್ ಕಲ್ಲಾಪು ಉದ್ಯಮಿ ಚಂದ್ರಹಾಸ್ ಅವರ ಪತ್ನಿ ಸರಿತಾ ಚಂದ್ರಹಾಸ್, ಪುತ್ರರಾದ ಕೌಶಿಕ್, ವೈಶಾಖ್, ಸಂಪತ್, ಪ್ರವೀಣ್ ಎಸ್.ಕುಂಪಲ ಸೇರಿದಂತೆ ಅನೇಕರು ಉಪಸ್ಥಿತರಿದ್ದರು.
